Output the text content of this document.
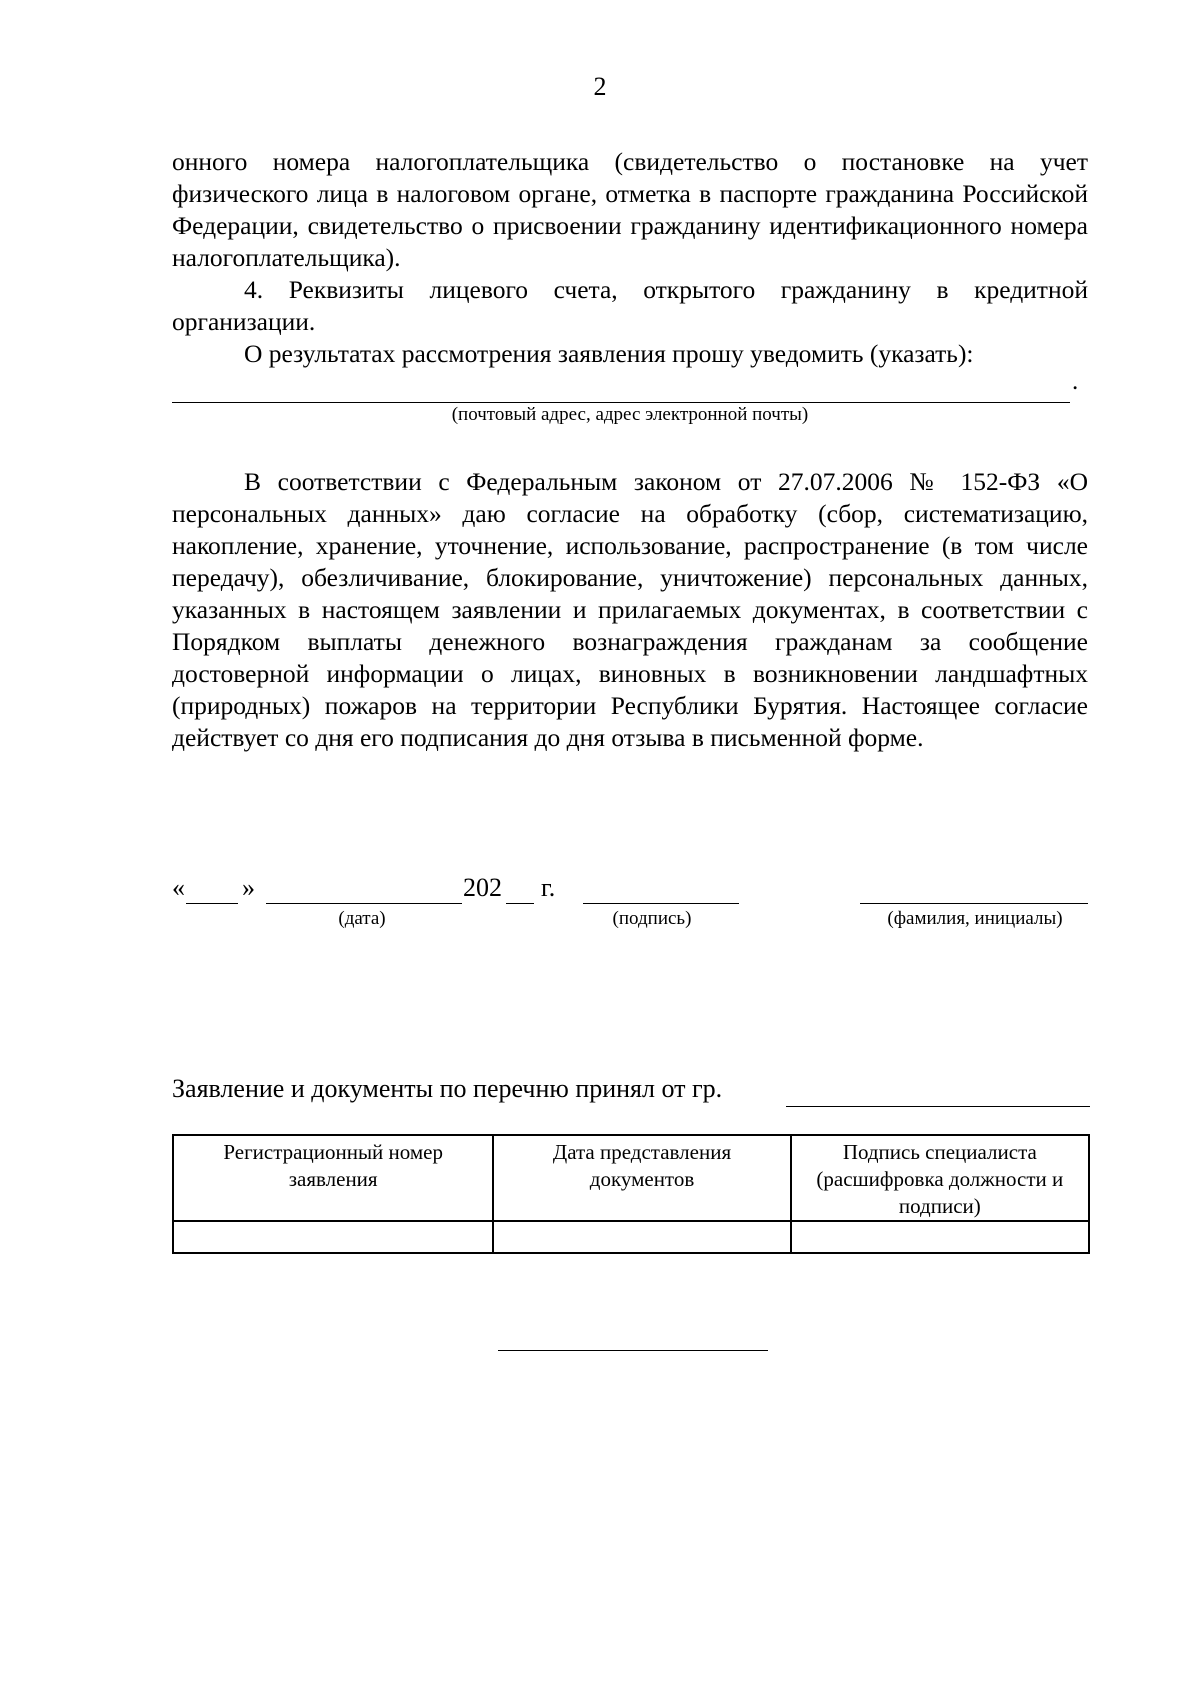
2
онного номера налогоплательщика (свидетельство о постановке на учет физического лица в налоговом органе, отметка в паспорте гражданина Российской Федерации, свидетельство о присвоении гражданину идентификационного номера налогоплательщика).
4. Реквизиты лицевого счета, открытого гражданину в кредитной организации.
О результатах рассмотрения заявления прошу уведомить (указать):
.
(почтовый адрес, адрес электронной почты)
В соответствии с Федеральным законом от 27.07.2006 № 152-ФЗ «О персональных данных» даю согласие на обработку (сбор, систематизацию, накопление, хранение, уточнение, использование, распространение (в том числе передачу), обезличивание, блокирование, уничтожение) персональных данных, указанных в настоящем заявлении и прилагаемых документах, в соответствии с Порядком выплаты денежного вознаграждения гражданам за сообщение достоверной информации о лицах, виновных в возникновении ландшафтных (природных) пожаров на территории Республики Бурятия. Настоящее согласие действует со дня его подписания до дня отзыва в письменной форме.
« »	202 г.
(дата)	(подпись)	(фамилия, инициалы)
Заявление и документы по перечню принял от гр.
Регистрационный номер заявления	Дата представления документов	Подпись специалиста (расшифровка должности и подписи)
